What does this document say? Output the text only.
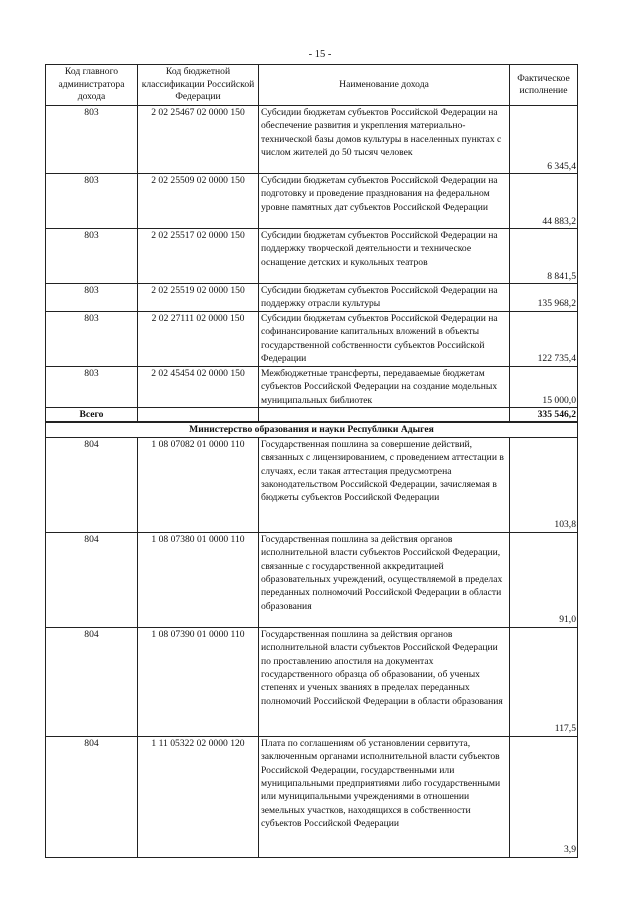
- 15 -
Код главного администратора дохода	Код бюджетной классификации Российской Федерации	Наименование дохода	Фактическое исполнение
803	2 02 25467 02 0000 150	Субсидии бюджетам субъектов Российской Федерации на обеспечение развития и укрепления материально-технической базы домов культуры в населенных пунктах с числом жителей до 50 тысяч человек	6 345,4
803	2 02 25509 02 0000 150	Субсидии бюджетам субъектов Российской Федерации на подготовку и проведение празднования на федеральном уровне памятных дат субъектов Российской Федерации	44 883,2
803	2 02 25517 02 0000 150	Субсидии бюджетам субъектов Российской Федерации на поддержку творческой деятельности и техническое оснащение детских и кукольных театров	8 841,5
803	2 02 25519 02 0000 150	Субсидии бюджетам субъектов Российской Федерации на поддержку отрасли культуры	135 968,2
803	2 02 27111 02 0000 150	Субсидии бюджетам субъектов Российской Федерации на софинансирование капитальных вложений в объекты государственной собственности субъектов Российской Федерации	122 735,4
803	2 02 45454 02 0000 150	Межбюджетные трансферты, передаваемые бюджетам субъектов Российской Федерации на создание модельных муниципальных библиотек	15 000,0
Всего			335 546,2
Министерство образования и науки Республики Адыгея			
804	1 08 07082 01 0000 110	Государственная пошлина за совершение действий, связанных с лицензированием, с проведением аттестации в случаях, если такая аттестация предусмотрена законодательством Российской Федерации, зачисляемая в бюджеты субъектов Российской Федерации	103,8
804	1 08 07380 01 0000 110	Государственная пошлина за действия органов исполнительной власти субъектов Российской Федерации, связанные с государственной аккредитацией образовательных учреждений, осуществляемой в пределах переданных полномочий Российской Федерации в области образования	91,0
804	1 08 07390 01 0000 110	Государственная пошлина за действия органов исполнительной власти субъектов Российской Федерации по проставлению апостиля на документах государственного образца об образовании, об ученых степенях и ученых званиях в пределах переданных полномочий Российской Федерации в области образования	117,5
804	1 11 05322 02 0000 120	Плата по соглашениям об установлении сервитута, заключенным органами исполнительной власти субъектов Российской Федерации, государственными или муниципальными предприятиями либо государственными или муниципальными учреждениями в отношении земельных участков, находящихся в собственности субъектов Российской Федерации	3,9
